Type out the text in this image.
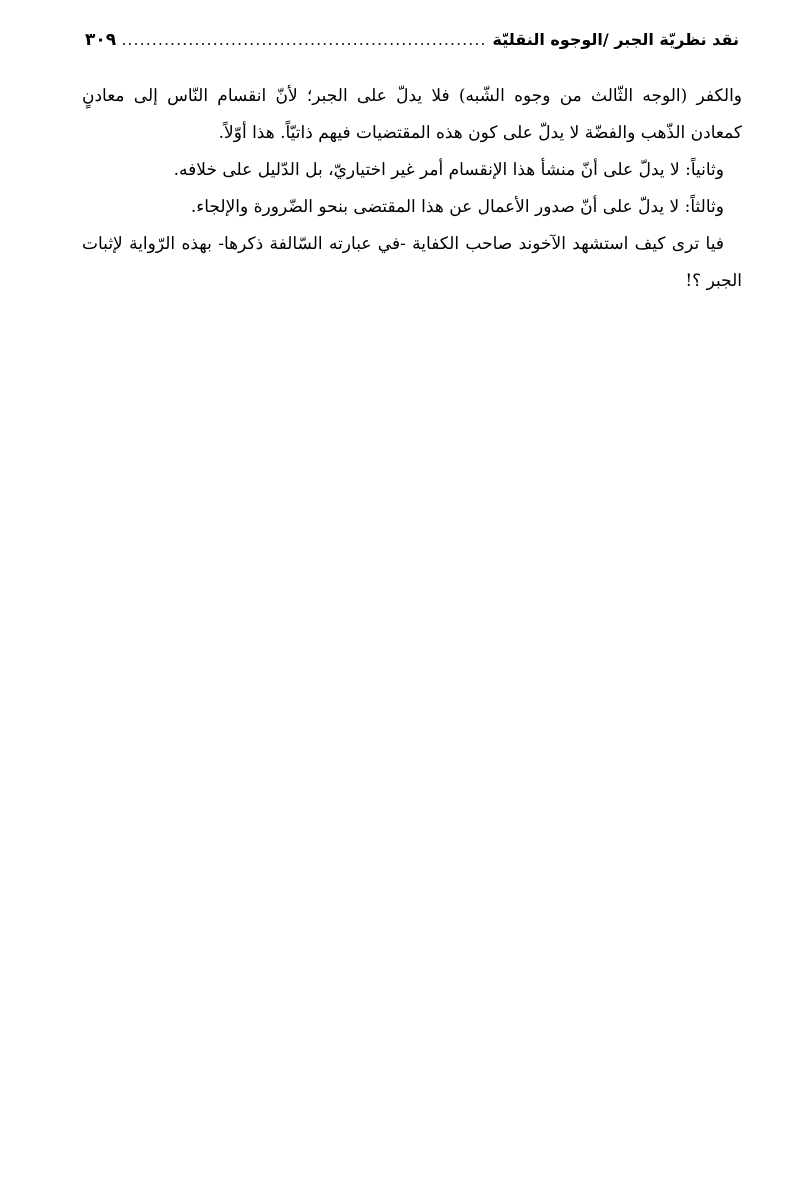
نقد نظريّة الجبر /الوجوه النقليّة
.....
٣٠٩

والكفر (الوجه الثّالث من وجوه الشّبه) فلا يدلّ على الجبر؛ لأنّ انقسام النّاس إلى معادنٍ كمعادن الذّهب والفضّة لا يدلّ على كون هذه المقتضيات فيهم ذاتيّاً. هذا أوّلاً.

وثانياً: لا يدلّ على أنّ منشأ هذا الإنقسام أمر غير اختياريّ، بل الدّليل على خلافه.

وثالثاً: لا يدلّ على أنّ صدور الأعمال عن هذا المقتضى بنحو الضّرورة والإلجاء.

فيا ترى كيف استشهد الآخوند صاحب الكفاية -في عبارته السّالفة ذكرها- بهذه الرّواية لإثبات الجبر ؟!
